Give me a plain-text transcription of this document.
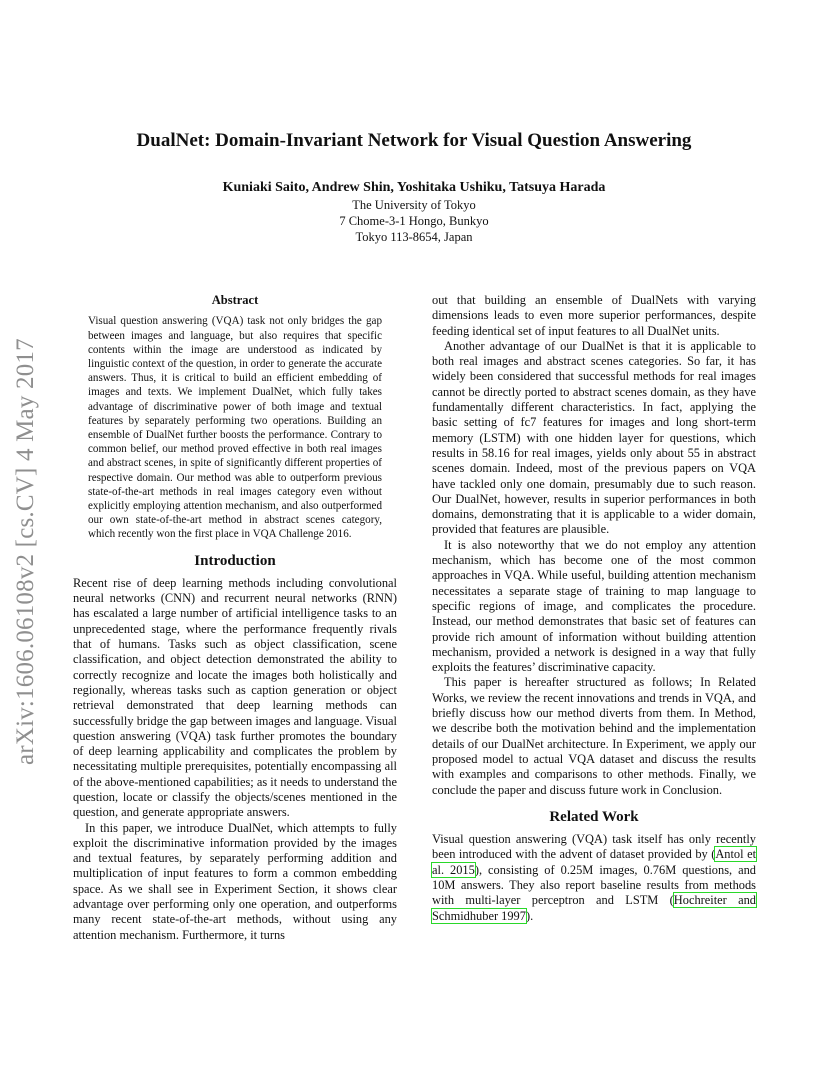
arXiv:1606.06108v2 [cs.CV] 4 May 2017
DualNet: Domain-Invariant Network for Visual Question Answering
Kuniaki Saito, Andrew Shin, Yoshitaka Ushiku, Tatsuya Harada
The University of Tokyo
7 Chome-3-1 Hongo, Bunkyo
Tokyo 113-8654, Japan
Abstract

Visual question answering (VQA) task not only bridges the gap between images and language, but also requires that specific contents within the image are understood as indicated by linguistic context of the question, in order to generate the accurate answers. Thus, it is critical to build an efficient embedding of images and texts. We implement DualNet, which fully takes advantage of discriminative power of both image and textual features by separately performing two operations. Building an ensemble of DualNet further boosts the performance. Contrary to common belief, our method proved effective in both real images and abstract scenes, in spite of significantly different properties of respective domain. Our method was able to outperform previous state-of-the-art methods in real images category even without explicitly employing attention mechanism, and also outperformed our own state-of-the-art method in abstract scenes category, which recently won the first place in VQA Challenge 2016.

Introduction

Recent rise of deep learning methods including convolutional neural networks (CNN) and recurrent neural networks (RNN) has escalated a large number of artificial intelligence tasks to an unprecedented stage, where the performance frequently rivals that of humans. Tasks such as object classification, scene classification, and object detection demonstrated the ability to correctly recognize and locate the images both holistically and regionally, whereas tasks such as caption generation or object retrieval demonstrated that deep learning methods can successfully bridge the gap between images and language. Visual question answering (VQA) task further promotes the boundary of deep learning applicability and complicates the problem by necessitating multiple prerequisites, potentially encompassing all of the above-mentioned capabilities; as it needs to understand the question, locate or classify the objects/scenes mentioned in the question, and generate appropriate answers.

In this paper, we introduce DualNet, which attempts to fully exploit the discriminative information provided by the images and textual features, by separately performing addition and multiplication of input features to form a common embedding space. As we shall see in Experiment Section, it shows clear advantage over performing only one operation, and outperforms many recent state-of-the-art methods, without using any attention mechanism. Furthermore, it turns

out that building an ensemble of DualNets with varying dimensions leads to even more superior performances, despite feeding identical set of input features to all DualNet units.

Another advantage of our DualNet is that it is applicable to both real images and abstract scenes categories. So far, it has widely been considered that successful methods for real images cannot be directly ported to abstract scenes domain, as they have fundamentally different characteristics. In fact, applying the basic setting of fc7 features for images and long short-term memory (LSTM) with one hidden layer for questions, which results in 58.16 for real images, yields only about 55 in abstract scenes domain. Indeed, most of the previous papers on VQA have tackled only one domain, presumably due to such reason. Our DualNet, however, results in superior performances in both domains, demonstrating that it is applicable to a wider domain, provided that features are plausible.

It is also noteworthy that we do not employ any attention mechanism, which has become one of the most common approaches in VQA. While useful, building attention mechanism necessitates a separate stage of training to map language to specific regions of image, and complicates the procedure. Instead, our method demonstrates that basic set of features can provide rich amount of information without building attention mechanism, provided a network is designed in a way that fully exploits the features’ discriminative capacity.

This paper is hereafter structured as follows; In Related Works, we review the recent innovations and trends in VQA, and briefly discuss how our method diverts from them. In Method, we describe both the motivation behind and the implementation details of our DualNet architecture. In Experiment, we apply our proposed model to actual VQA dataset and discuss the results with examples and comparisons to other methods. Finally, we conclude the paper and discuss future work in Conclusion.

Related Work

Visual question answering (VQA) task itself has only recently been introduced with the advent of dataset provided by (Antol et al. 2015), consisting of 0.25M images, 0.76M questions, and 10M answers. They also report baseline results from methods with multi-layer perceptron and LSTM (Hochreiter and Schmidhuber 1997).
